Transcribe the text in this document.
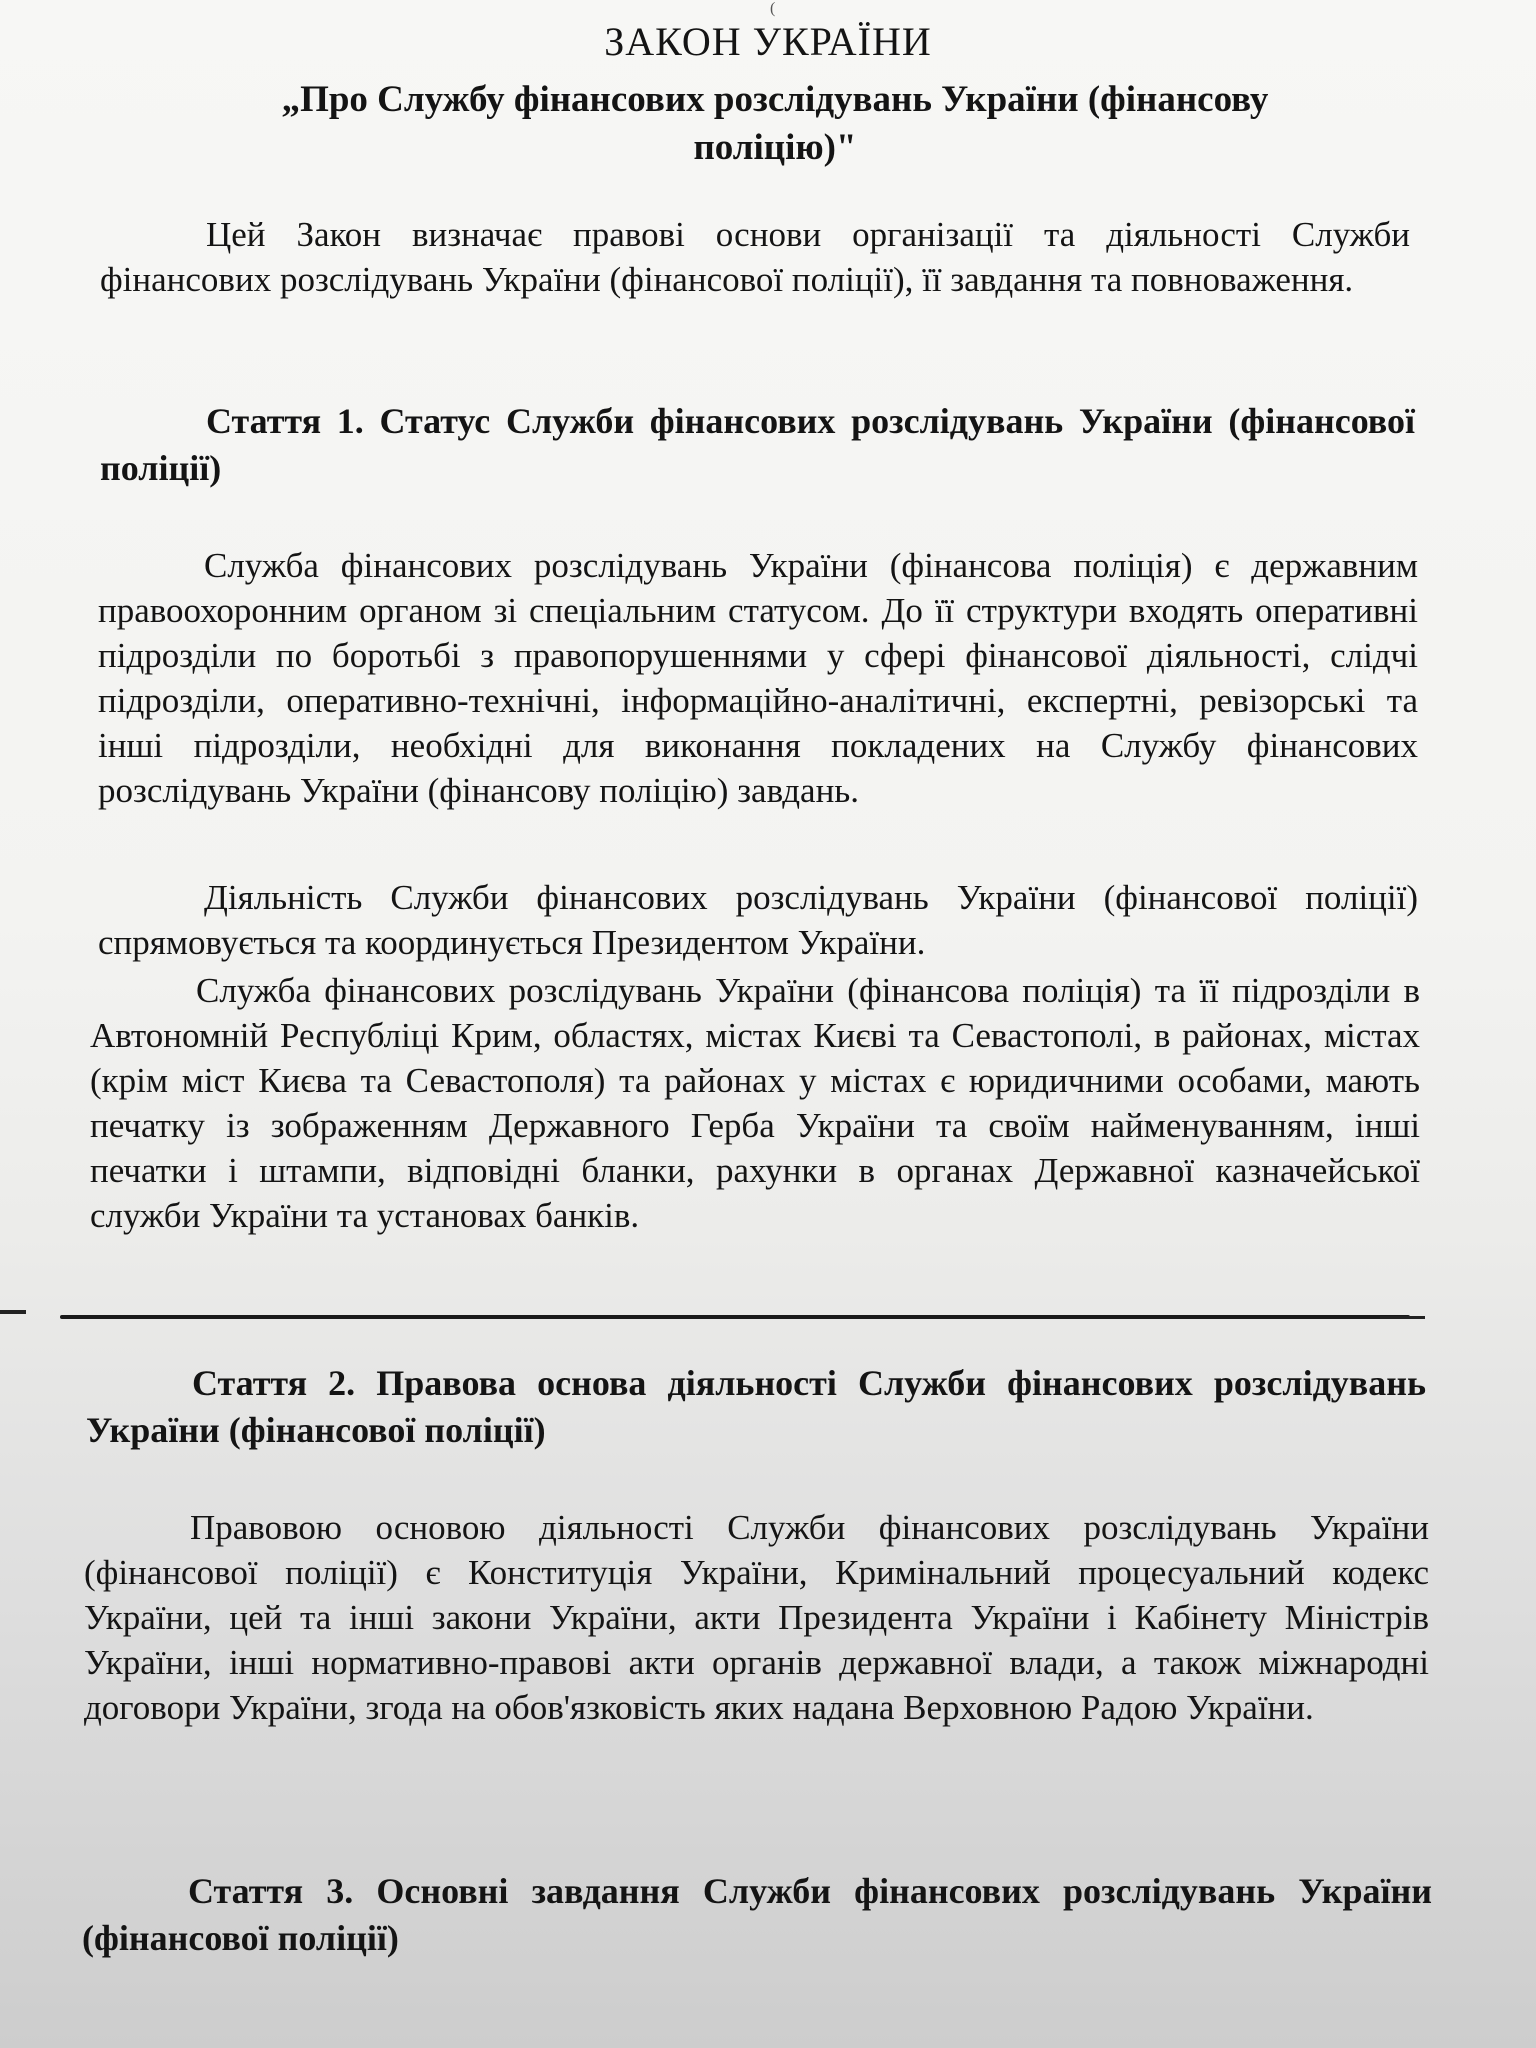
(
ЗАКОН УКРАЇНИ

„Про Службу фінансових розслідувань України (фінансову поліцію)"

Цей Закон визначає правові основи організації та діяльності Служби фінансових розслідувань України (фінансової поліції), її завдання та повноваження.

Стаття 1. Статус Служби фінансових розслідувань України (фінансової поліції)

Служба фінансових розслідувань України (фінансова поліція) є державним правоохоронним органом зі спеціальним статусом. До її структури входять оперативні підрозділи по боротьбі з правопорушеннями у сфері фінансової діяльності, слідчі підрозділи, оперативно-технічні, інформаційно-аналітичні, експертні, ревізорські та інші підрозділи, необхідні для виконання покладених на Службу фінансових розслідувань України (фінансову поліцію) завдань.

Діяльність Служби фінансових розслідувань України (фінансової поліції) спрямовується та координується Президентом України.

Служба фінансових розслідувань України (фінансова поліція) та її підрозділи в Автономній Республіці Крим, областях, містах Києві та Севастополі, в районах, містах (крім міст Києва та Севастополя) та районах у містах є юридичними особами, мають печатку із зображенням Державного Герба України та своїм найменуванням, інші печатки і штампи, відповідні бланки, рахунки в органах Державної казначейської служби України та установах банків.

Стаття 2. Правова основа діяльності Служби фінансових розслідувань України (фінансової поліції)

Правовою основою діяльності Служби фінансових розслідувань України (фінансової поліції) є Конституція України, Кримінальний процесуальний кодекс України, цей та інші закони України, акти Президента України і Кабінету Міністрів України, інші нормативно-правові акти органів державної влади, а також міжнародні договори України, згода на обов'язковість яких надана Верховною Радою України.

Стаття 3. Основні завдання Служби фінансових розслідувань України (фінансової поліції)
